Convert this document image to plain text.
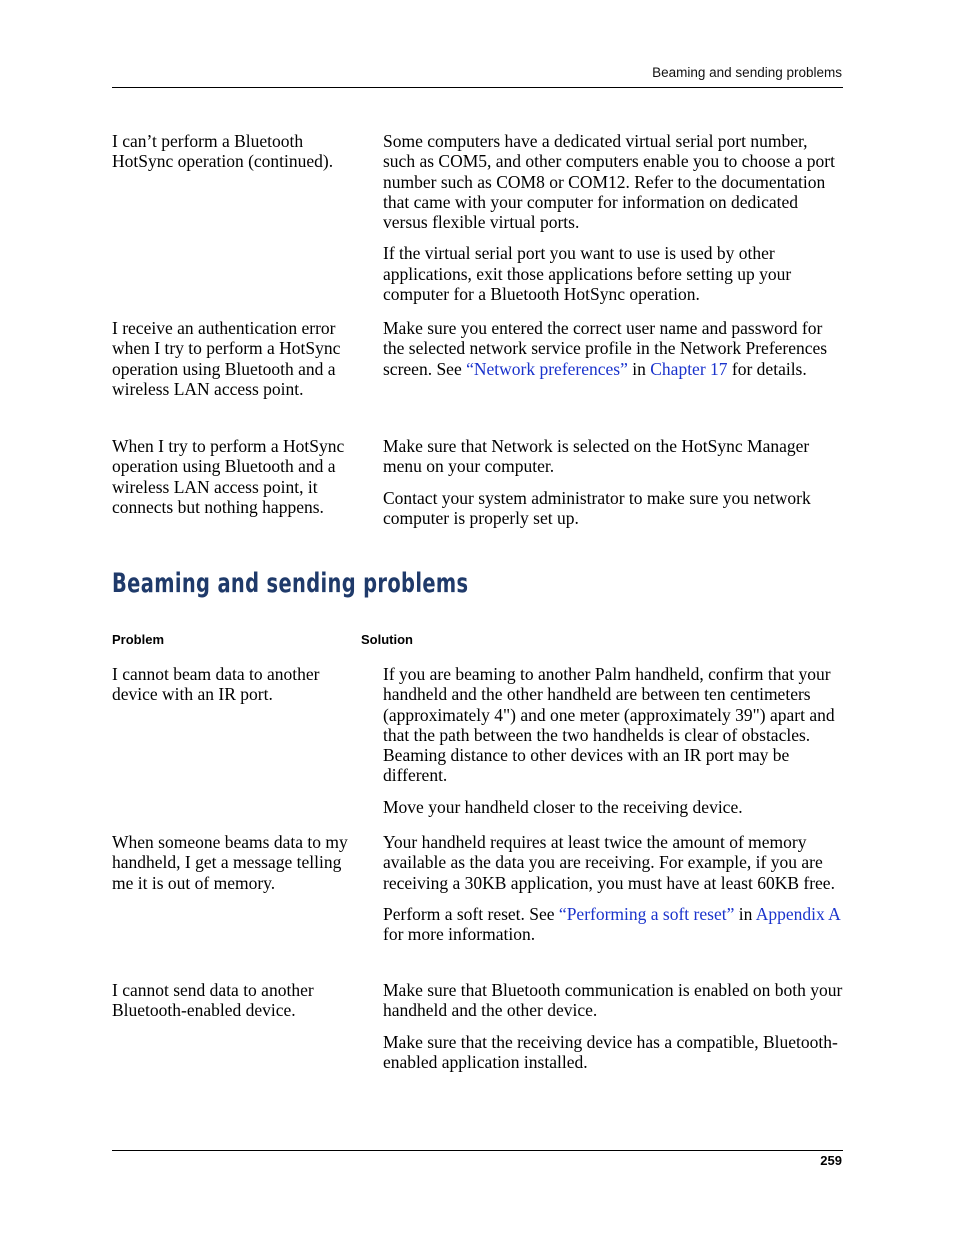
Beaming and sending problems
I can’t perform a Bluetooth HotSync operation (continued).

Some computers have a dedicated virtual serial port number, such as COM5, and other computers enable you to choose a port number such as COM8 or COM12. Refer to the documentation that came with your computer for information on dedicated versus flexible virtual ports.

If the virtual serial port you want to use is used by other applications, exit those applications before setting up your computer for a Bluetooth HotSync operation.

I receive an authentication error when I try to perform a HotSync operation using Bluetooth and a wireless LAN access point.

Make sure you entered the correct user name and password for the selected network service profile in the Network Preferences screen. See “Network preferences” in Chapter 17 for details.

When I try to perform a HotSync operation using Bluetooth and a wireless LAN access point, it connects but nothing happens.

Make sure that Network is selected on the HotSync Manager menu on your computer.

Contact your system administrator to make sure you network computer is properly set up.

Beaming and sending problems
Problem	Solution
I cannot beam data to another device with an IR port.

If you are beaming to another Palm handheld, confirm that your handheld and the other handheld are between ten centimeters (approximately 4") and one meter (approximately 39") apart and that the path between the two handhelds is clear of obstacles. Beaming distance to other devices with an IR port may be different.

Move your handheld closer to the receiving device.

When someone beams data to my handheld, I get a message telling me it is out of memory.

Your handheld requires at least twice the amount of memory available as the data you are receiving. For example, if you are receiving a 30KB application, you must have at least 60KB free.

Perform a soft reset. See “Performing a soft reset” in Appendix A for more information.

I cannot send data to another Bluetooth-enabled device.

Make sure that Bluetooth communication is enabled on both your handheld and the other device.

Make sure that the receiving device has a compatible, Bluetooth-enabled application installed.

259
